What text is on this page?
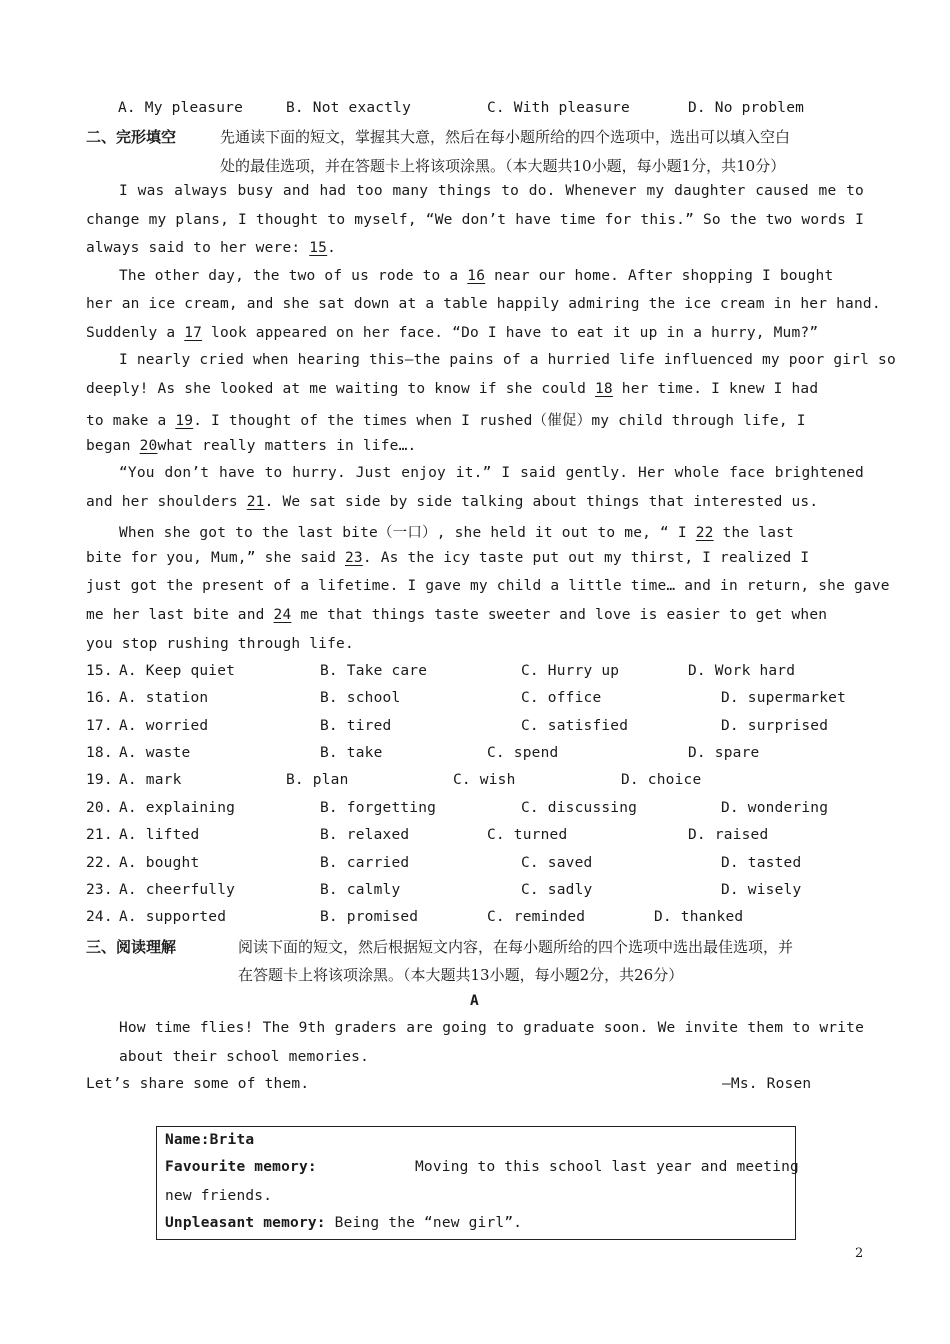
A. My pleasure	B. Not exactly	C. With pleasure	D. No problem
二、完形填空	先通读下面的短文，掌握其大意，然后在每小题所给的四个选项中，选出可以填入空白
处的最佳选项，并在答题卡上将该项涂黑。（本大题共10小题，每小题1分，共10分）
I was always busy and had too many things to do. Whenever my daughter caused me to
change my plans, I thought to myself, “We don’t have time for this.” So the two words I
always said to her were: 15.
The other day, the two of us rode to a 16 near our home. After shopping I bought
her an ice cream, and she sat down at a table happily admiring the ice cream in her hand.
Suddenly a 17 look appeared on her face. “Do I have to eat it up in a hurry, Mum?”
I nearly cried when hearing this—the pains of a hurried life influenced my poor girl so
deeply! As she looked at me waiting to know if she could 18 her time. I knew I had
to make a 19. I thought of the times when I rushed（催促）my child through life, I
began 20what really matters in life….
“You don’t have to hurry. Just enjoy it.” I said gently. Her whole face brightened
and her shoulders 21. We sat side by side talking about things that interested us.
When she got to the last bite（一口）, she held it out to me, “ I 22 the last
bite for you, Mum,” she said 23. As the icy taste put out my thirst, I realized I
just got the present of a lifetime. I gave my child a little time… and in return, she gave
me her last bite and 24 me that things taste sweeter and love is easier to get when
you stop rushing through life.
15. A. Keep quiet	B. Take care	C. Hurry up	D. Work hard
16. A. station	B. school	C. office	D. supermarket
17. A. worried	B. tired	C. satisfied	D. surprised
18. A. waste	B. take	C. spend	D. spare
19. A. mark	B. plan	C. wish	D. choice
20. A. explaining	B. forgetting	C. discussing	D. wondering
21. A. lifted	B. relaxed	C. turned	D. raised
22. A. bought	B. carried	C. saved	D. tasted
23. A. cheerfully	B. calmly	C. sadly	D. wisely
24. A. supported	B. promised	C. reminded	D. thanked
三、阅读理解	阅读下面的短文，然后根据短文内容，在每小题所给的四个选项中选出最佳选项，并
在答题卡上将该项涂黑。（本大题共13小题，每小题2分，共26分）
A
How time flies! The 9th graders are going to graduate soon. We invite them to write
about their school memories.
Let’s share some of them.	—Ms. Rosen
Name:Brita
Favourite memory:	Moving to this school last year and meeting
new friends.
Unpleasant memory: Being the “new girl”.
2
